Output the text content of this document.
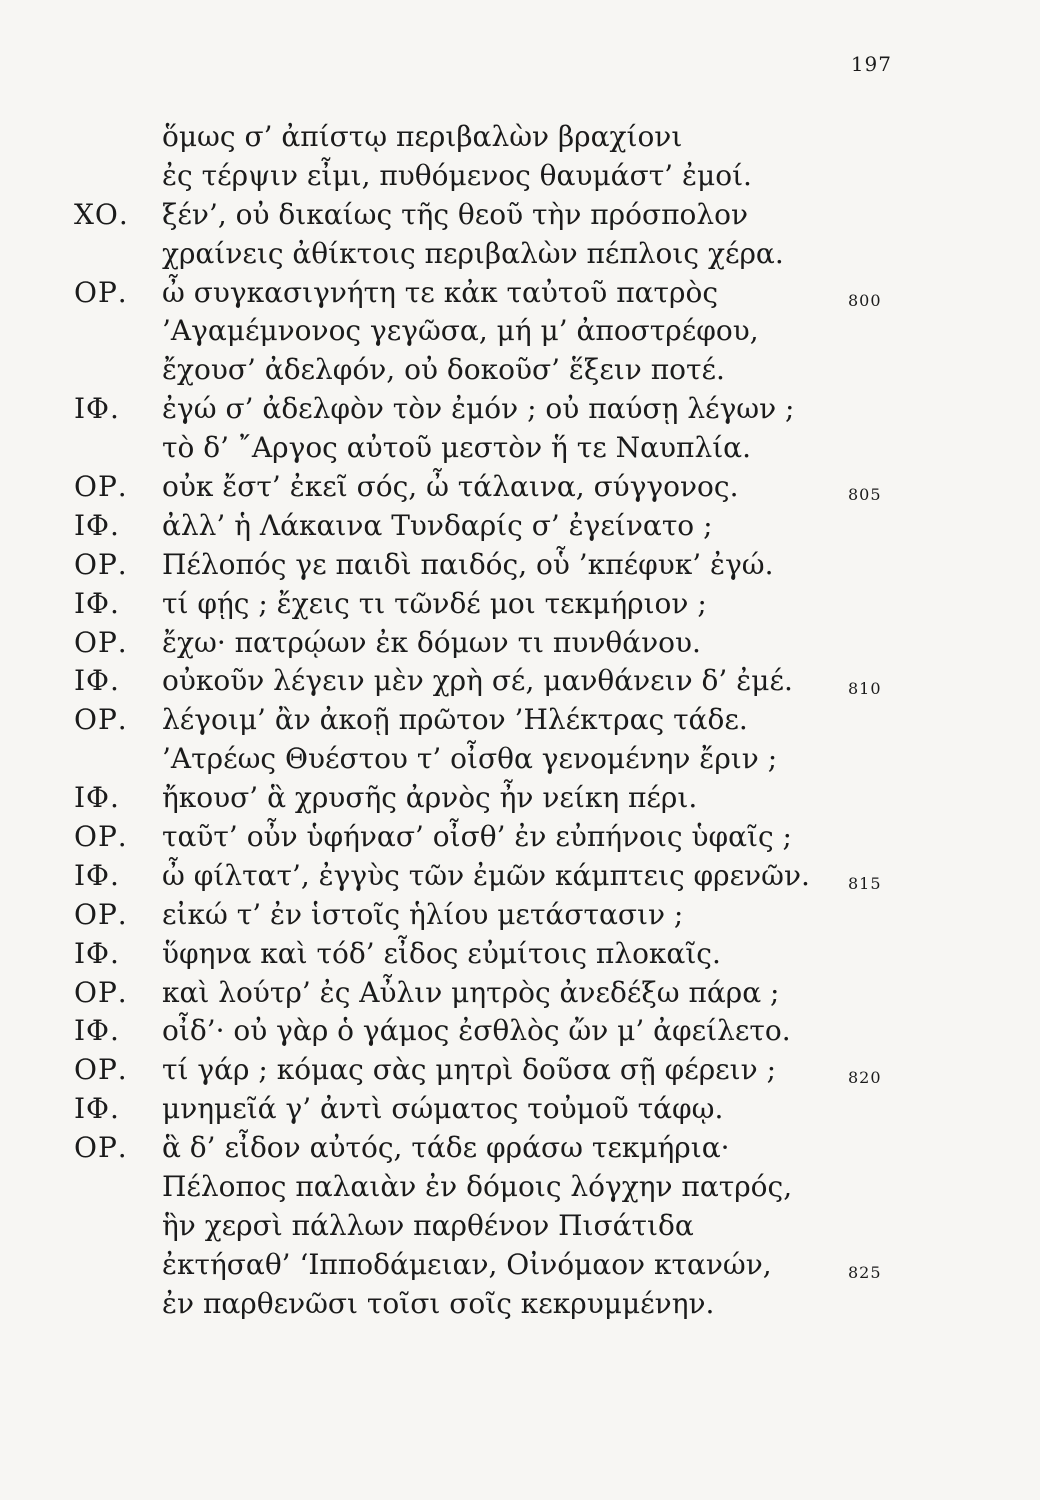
197
ὅμως σ’ ἀπίστῳ περιβαλὼν βραχίονι
ἐς τέρψιν εἶμι, πυθόμενος θαυμάστ’ ἐμοί.
ΧΟ. ξέν’, οὐ δικαίως τῆς θεοῦ τὴν πρόσπολον
χραίνεις ἀθίκτοις περιβαλὼν πέπλοις χέρα.
ΟΡ. ὦ συγκασιγνήτη τε κἀκ ταὐτοῦ πατρὸς	800
’Αγαμέμνονος γεγῶσα, μή μ’ ἀποστρέφου,
ἔχουσ’ ἀδελφόν, οὐ δοκοῦσ’ ἕξειν ποτέ.
ΙΦ. ἐγώ σ’ ἀδελφὸν τὸν ἐμόν ; οὐ παύσῃ λέγων ;
τὸ δ’ ῎Αργος αὐτοῦ μεστὸν ἥ τε Ναυπλία.
ΟΡ. οὐκ ἔστ’ ἐκεῖ σός, ὦ τάλαινα, σύγγονος.	805
ΙΦ. ἀλλ’ ἡ Λάκαινα Τυνδαρίς σ’ ἐγείνατο ;
ΟΡ. Πέλοπός γε παιδὶ παιδός, οὗ ’κπέφυκ’ ἐγώ.
ΙΦ. τί φῄς ; ἔχεις τι τῶνδέ μοι τεκμήριον ;
ΟΡ. ἔχω· πατρῴων ἐκ δόμων τι πυνθάνου.
ΙΦ. οὐκοῦν λέγειν μὲν χρὴ σέ, μανθάνειν δ’ ἐμέ.	810
ΟΡ. λέγοιμ’ ἂν ἀκοῇ πρῶτον ’Ηλέκτρας τάδε.
’Ατρέως Θυέστου τ’ οἶσθα γενομένην ἔριν ;
ΙΦ. ἤκουσ’ ἃ χρυσῆς ἀρνὸς ἦν νείκη πέρι.
ΟΡ. ταῦτ’ οὖν ὑφήνασ’ οἶσθ’ ἐν εὐπήνοις ὑφαῖς ;
ΙΦ. ὦ φίλτατ’, ἐγγὺς τῶν ἐμῶν κάμπτεις φρενῶν. 815
ΟΡ. εἰκώ τ’ ἐν ἱστοῖς ἡλίου μετάστασιν ;
ΙΦ. ὕφηνα καὶ τόδ’ εἶδος εὐμίτοις πλοκαῖς.
ΟΡ. καὶ λούτρ’ ἐς Αὖλιν μητρὸς ἀνεδέξω πάρα ;
ΙΦ. οἶδ’· οὐ γὰρ ὁ γάμος ἐσθλὸς ὤν μ’ ἀφείλετο.
ΟΡ. τί γάρ ; κόμας σὰς μητρὶ δοῦσα σῇ φέρειν ;	820
ΙΦ. μνημεῖά γ’ ἀντὶ σώματος τοὐμοῦ τάφῳ.
ΟΡ. ἃ δ’ εἶδον αὐτός, τάδε φράσω τεκμήρια·
Πέλοπος παλαιὰν ἐν δόμοις λόγχην πατρός,
ἣν χερσὶ πάλλων παρθένον Πισάτιδα
ἐκτήσαθ’ ‘Ιπποδάμειαν, Οἰνόμαον κτανών,	825
ἐν παρθενῶσι τοῖσι σοῖς κεκρυμμένην.
